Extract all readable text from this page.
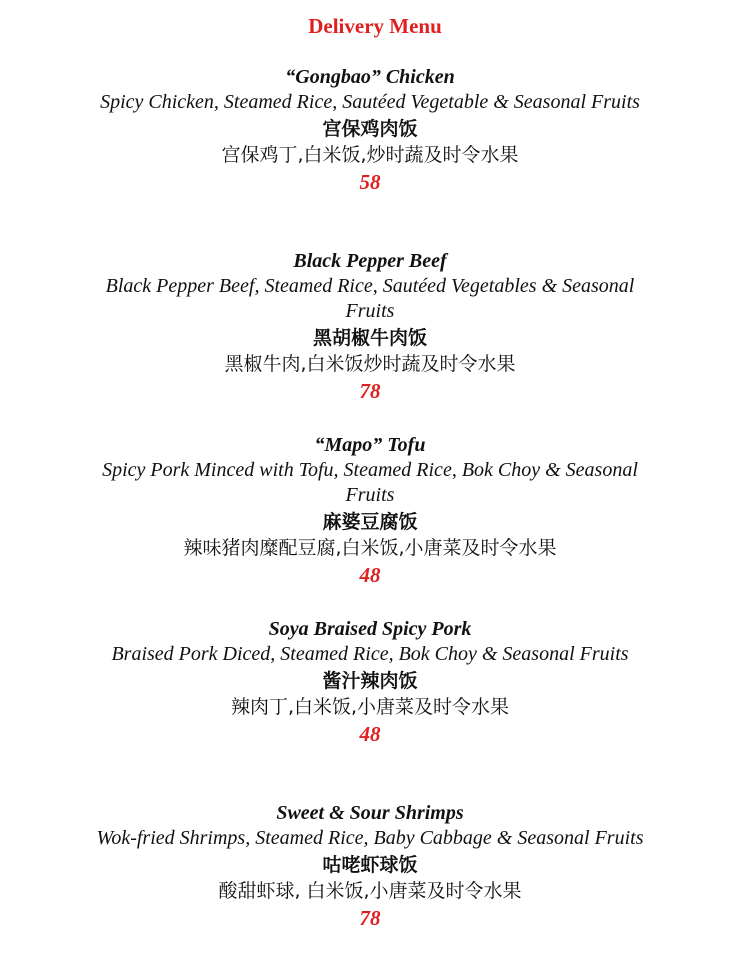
Delivery Menu
“Gongbao” Chicken
Spicy Chicken, Steamed Rice, Sautéed Vegetable & Seasonal Fruits
宫保鸡肉饭
宫保鸡丁,白米饭,炒时蔬及时令水果
58
Black Pepper Beef
Black Pepper Beef, Steamed Rice, Sautéed Vegetables & Seasonal Fruits
黑胡椒牛肉饭
黑椒牛肉,白米饭炒时蔬及时令水果
78
“Mapo” Tofu
Spicy Pork Minced with Tofu, Steamed Rice, Bok Choy & Seasonal Fruits
麻婆豆腐饭
辣味猪肉糜配豆腐,白米饭,小唐菜及时令水果
48
Soya Braised Spicy Pork
Braised Pork Diced, Steamed Rice, Bok Choy & Seasonal Fruits
酱汁辣肉饭
辣肉丁,白米饭,小唐菜及时令水果
48
Sweet & Sour Shrimps
Wok-fried Shrimps, Steamed Rice, Baby Cabbage & Seasonal Fruits
咕咾虾球饭
酸甜虾球, 白米饭,小唐菜及时令水果
78
